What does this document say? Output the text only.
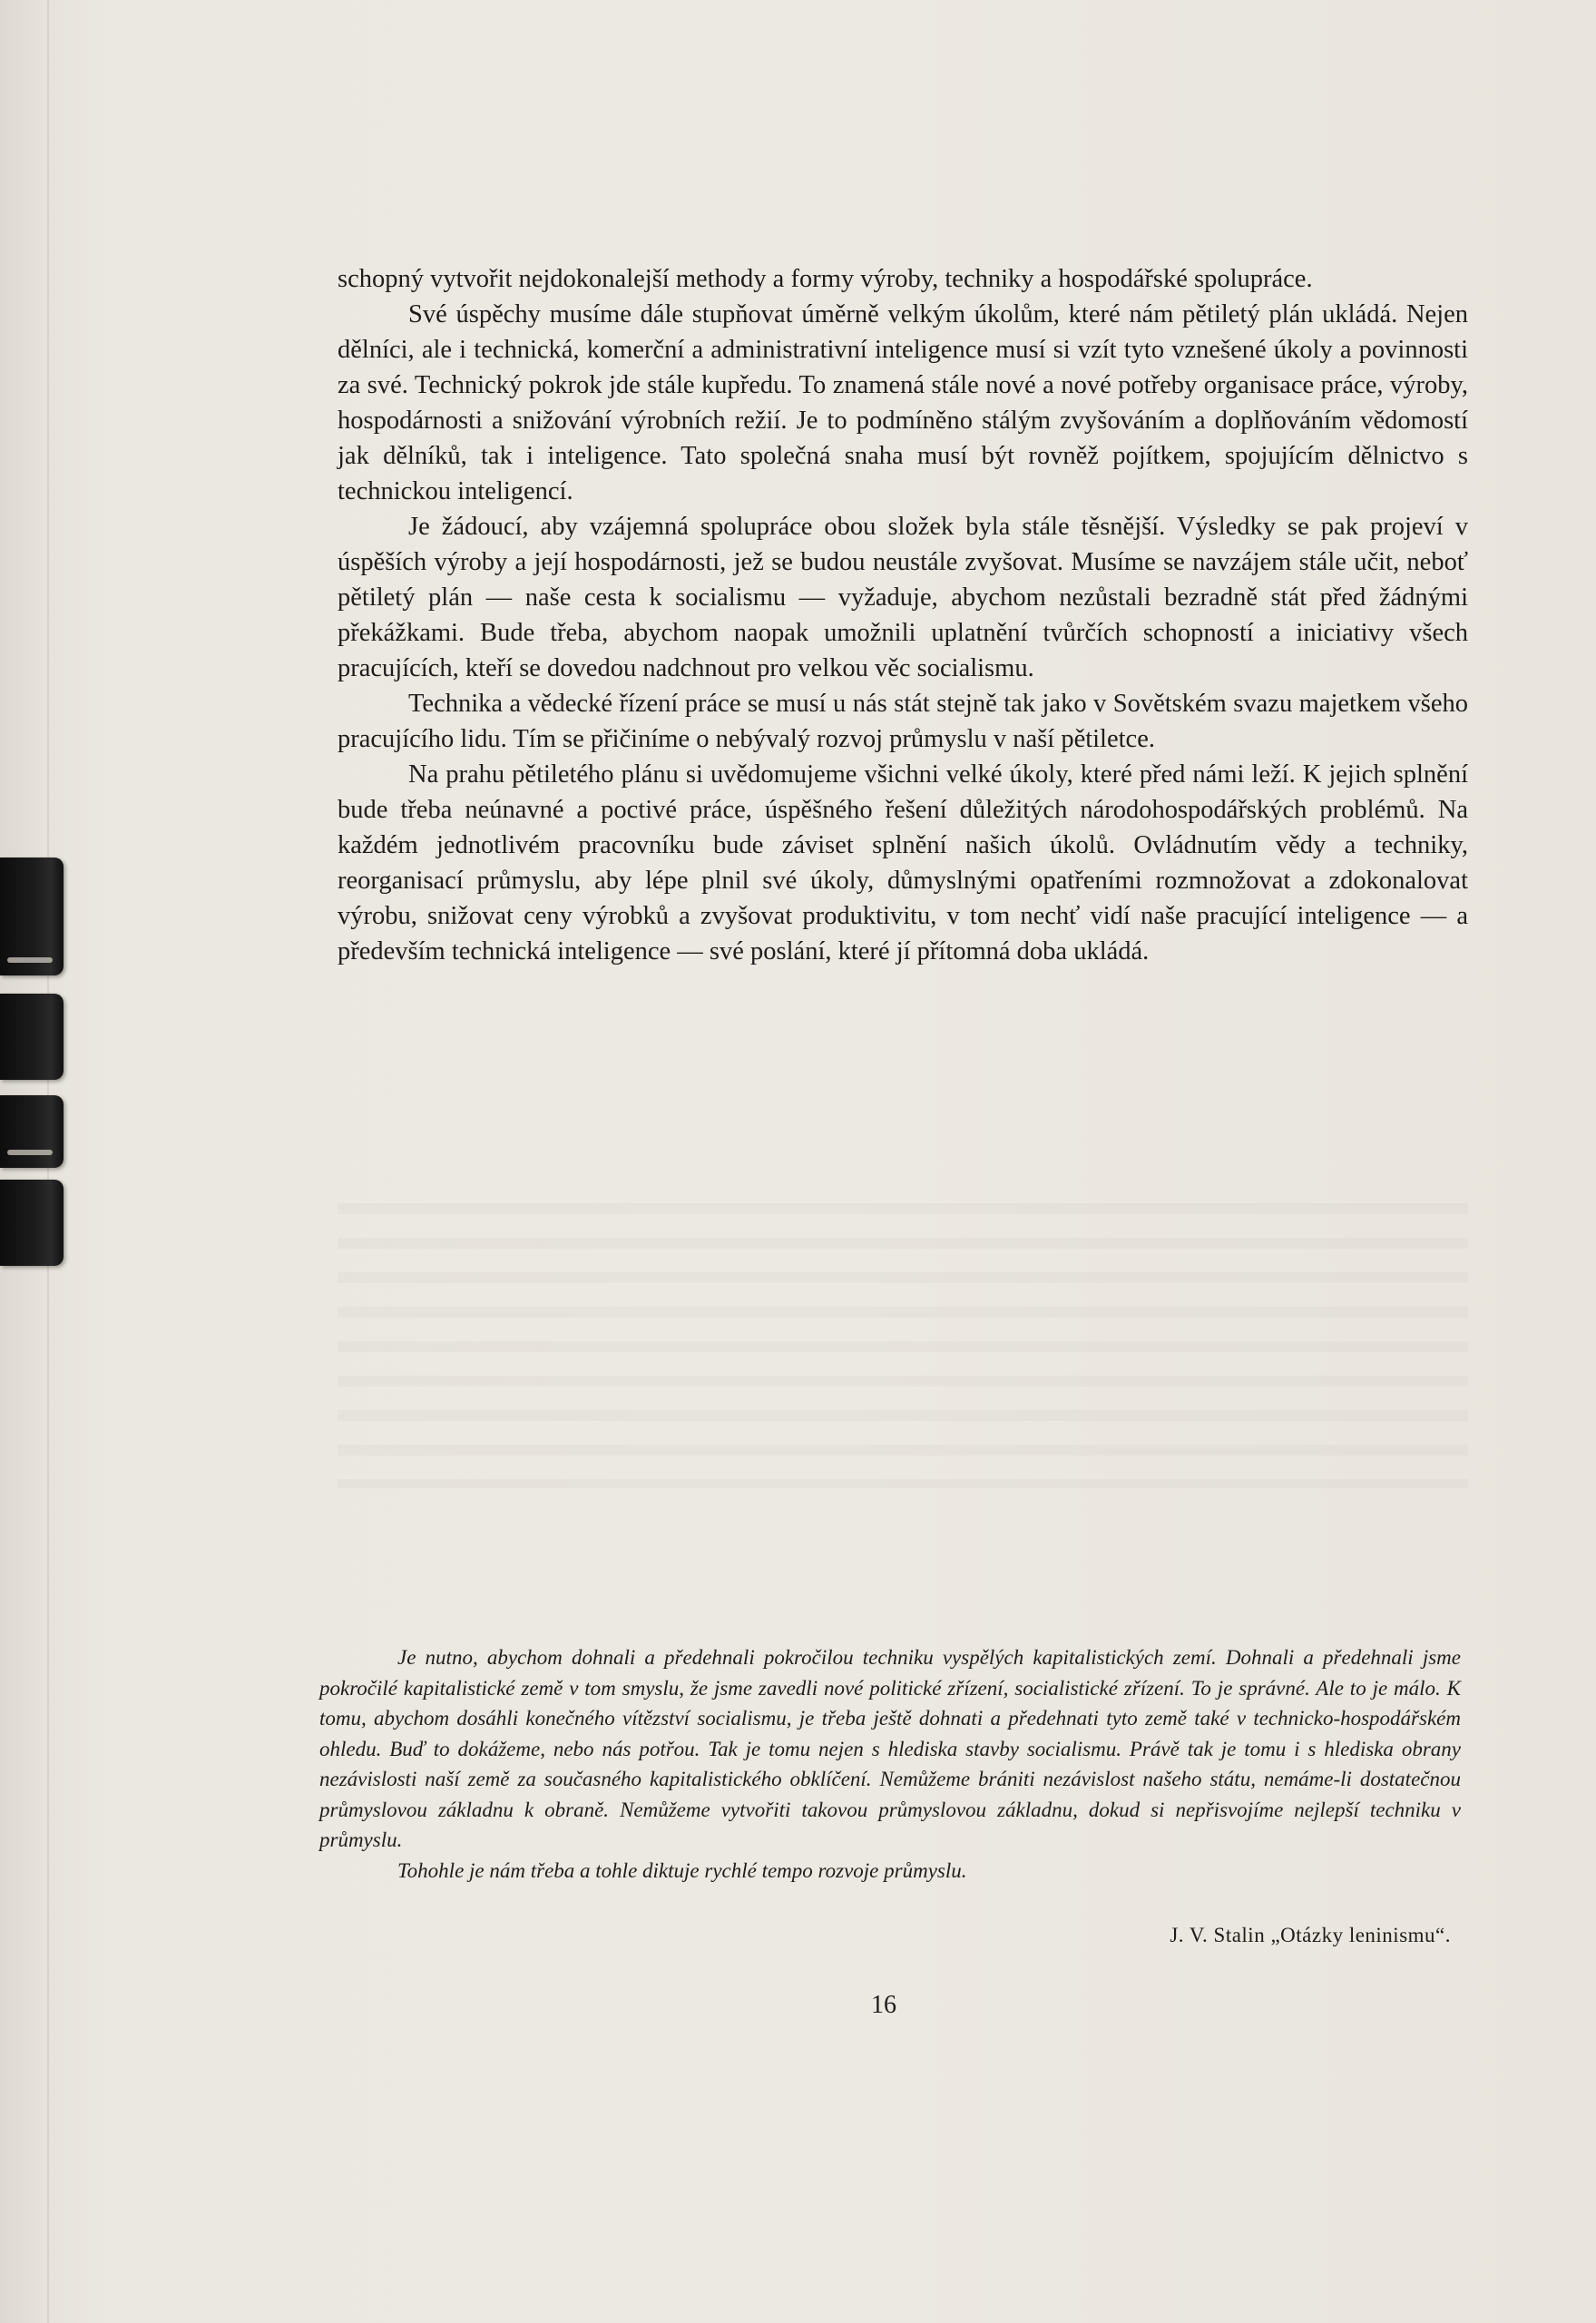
schopný vytvořit nejdokonalejší methody a formy výroby, techniky a hospodářské spolupráce.

Své úspěchy musíme dále stupňovat úměrně velkým úkolům, které nám pětiletý plán ukládá. Nejen dělníci, ale i technická, komerční a administrativní inteligence musí si vzít tyto vznešené úkoly a povinnosti za své. Technický pokrok jde stále kupředu. To znamená stále nové a nové potřeby organisace práce, výroby, hospodárnosti a snižování výrobních režií. Je to podmíněno stálým zvyšováním a doplňováním vědomostí jak dělníků, tak i inteligence. Tato společná snaha musí být rovněž pojítkem, spojujícím dělnictvo s technickou inteligencí.

Je žádoucí, aby vzájemná spolupráce obou složek byla stále těsnější. Výsledky se pak projeví v úspěších výroby a její hospodárnosti, jež se budou neustále zvyšovat. Musíme se navzájem stále učit, neboť pětiletý plán — naše cesta k socialismu — vyžaduje, abychom nezůstali bezradně stát před žádnými překážkami. Bude třeba, abychom naopak umožnili uplatnění tvůrčích schopností a iniciativy všech pracujících, kteří se dovedou nadchnout pro velkou věc socialismu.

Technika a vědecké řízení práce se musí u nás stát stejně tak jako v Sovětském svazu majetkem všeho pracujícího lidu. Tím se přičiníme o nebývalý rozvoj průmyslu v naší pětiletce.

Na prahu pětiletého plánu si uvědomujeme všichni velké úkoly, které před námi leží. K jejich splnění bude třeba neúnavné a poctivé práce, úspěšného řešení důležitých národohospodářských problémů. Na každém jednotlivém pracovníku bude záviset splnění našich úkolů. Ovládnutím vědy a techniky, reorganisací průmyslu, aby lépe plnil své úkoly, důmyslnými opatřeními rozmnožovat a zdokonalovat výrobu, snižovat ceny výrobků a zvyšovat produktivitu, v tom nechť vidí naše pracující inteligence — a především technická inteligence — své poslání, které jí přítomná doba ukládá.

Je nutno, abychom dohnali a předehnali pokročilou techniku vyspělých kapitalistických zemí. Dohnali a předehnali jsme pokročilé kapitalistické země v tom smyslu, že jsme zavedli nové politické zřízení, socialistické zřízení. To je správné. Ale to je málo. K tomu, abychom dosáhli konečného vítězství socialismu, je třeba ještě dohnati a předehnati tyto země také v technicko-hospodářském ohledu. Buď to dokážeme, nebo nás potřou. Tak je tomu nejen s hlediska stavby socialismu. Právě tak je tomu i s hlediska obrany nezávislosti naší země za současného kapitalistického obklíčení. Nemůžeme brániti nezávislost našeho státu, nemáme-li dostatečnou průmyslovou základnu k obraně. Nemůžeme vytvořiti takovou průmyslovou základnu, dokud si nepřisvojíme nejlepší techniku v průmyslu.

Tohohle je nám třeba a tohle diktuje rychlé tempo rozvoje průmyslu.

J. V. Stalin „Otázky leninismu“.
16
